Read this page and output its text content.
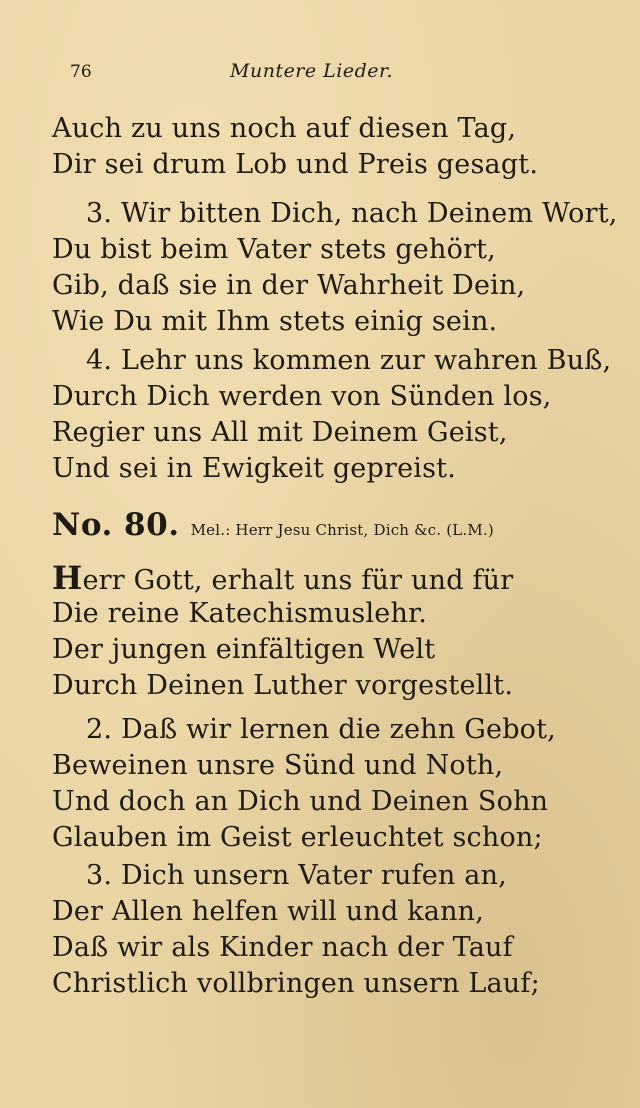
76	Muntere Lieder.
Auch zu uns noch auf diesen Tag,
Dir sei drum Lob und Preis gesagt.
3. Wir bitten Dich, nach Deinem Wort,
Du bist beim Vater stets gehört,
Gib, daß sie in der Wahrheit Dein,
Wie Du mit Ihm stets einig sein.
4. Lehr uns kommen zur wahren Buß,
Durch Dich werden von Sünden los,
Regier uns All mit Deinem Geist,
Und sei in Ewigkeit gepreist.
No. 80. Mel.: Herr Jesu Christ, Dich &c. (L.M.)
Herr Gott, erhalt uns für und für
Die reine Katechismuslehr.
Der jungen einfältigen Welt
Durch Deinen Luther vorgestellt.
2. Daß wir lernen die zehn Gebot,
Beweinen unsre Sünd und Noth,
Und doch an Dich und Deinen Sohn
Glauben im Geist erleuchtet schon;
3. Dich unsern Vater rufen an,
Der Allen helfen will und kann,
Daß wir als Kinder nach der Tauf
Christlich vollbringen unsern Lauf;
